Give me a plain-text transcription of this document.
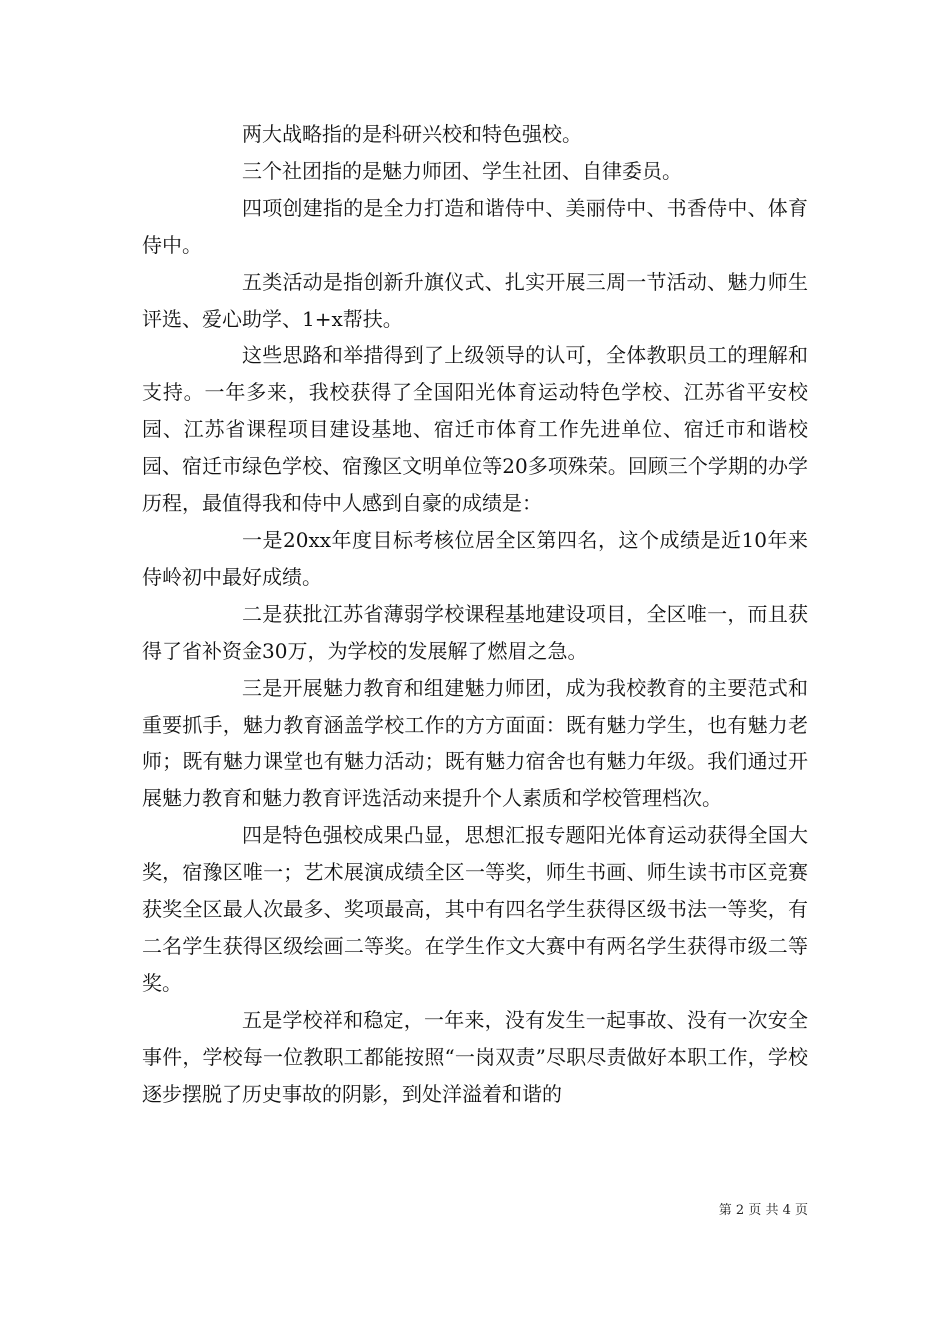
两大战略指的是科研兴校和特色强校。

三个社团指的是魅力师团、学生社团、自律委员。

四项创建指的是全力打造和谐侍中、美丽侍中、书香侍中、体育侍中。

五类活动是指创新升旗仪式、扎实开展三周一节活动、魅力师生评选、爱心助学、1+x帮扶。

这些思路和举措得到了上级领导的认可，全体教职员工的理解和支持。一年多来，我校获得了全国阳光体育运动特色学校、江苏省平安校园、江苏省课程项目建设基地、宿迁市体育工作先进单位、宿迁市和谐校园、宿迁市绿色学校、宿豫区文明单位等20多项殊荣。回顾三个学期的办学历程，最值得我和侍中人感到自豪的成绩是：

一是20xx年度目标考核位居全区第四名，这个成绩是近10年来侍岭初中最好成绩。

二是获批江苏省薄弱学校课程基地建设项目，全区唯一，而且获得了省补资金30万，为学校的发展解了燃眉之急。

三是开展魅力教育和组建魅力师团，成为我校教育的主要范式和重要抓手，魅力教育涵盖学校工作的方方面面：既有魅力学生，也有魅力老师；既有魅力课堂也有魅力活动；既有魅力宿舍也有魅力年级。我们通过开展魅力教育和魅力教育评选活动来提升个人素质和学校管理档次。

四是特色强校成果凸显，思想汇报专题阳光体育运动获得全国大奖，宿豫区唯一；艺术展演成绩全区一等奖，师生书画、师生读书市区竞赛获奖全区最人次最多、奖项最高，其中有四名学生获得区级书法一等奖，有二名学生获得区级绘画二等奖。在学生作文大赛中有两名学生获得市级二等奖。

五是学校祥和稳定，一年来，没有发生一起事故、没有一次安全事件，学校每一位教职工都能按照“一岗双责”尽职尽责做好本职工作，学校逐步摆脱了历史事故的阴影，到处洋溢着和谐的

第 2 页 共 4 页
